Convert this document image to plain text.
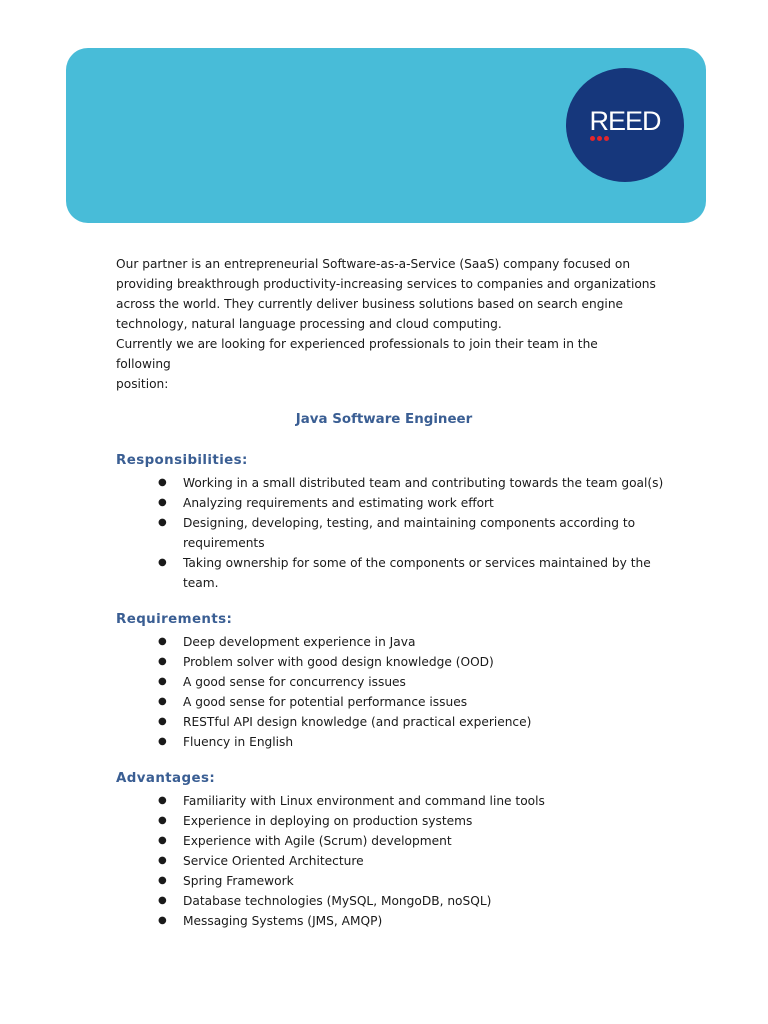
REED

Our partner is an entrepreneurial Software-as-a-Service (SaaS) company focused on
providing breakthrough productivity-increasing services to companies and organizations
across the world. They currently deliver business solutions based on search engine
technology, natural language processing and cloud computing.
Currently we are looking for experienced professionals to join their team in the following
position:

Java Software Engineer
Responsibilities:
● Working in a small distributed team and contributing towards the team goal(s)
● Analyzing requirements and estimating work effort
● Designing, developing, testing, and maintaining components according to requirements
● Taking ownership for some of the components or services maintained by the team.
Requirements:
● Deep development experience in Java
● Problem solver with good design knowledge (OOD)
● A good sense for concurrency issues
● A good sense for potential performance issues
● RESTful API design knowledge (and practical experience)
● Fluency in English
Advantages:
● Familiarity with Linux environment and command line tools
● Experience in deploying on production systems
● Experience with Agile (Scrum) development
● Service Oriented Architecture
● Spring Framework
● Database technologies (MySQL, MongoDB, noSQL)
● Messaging Systems (JMS, AMQP)
